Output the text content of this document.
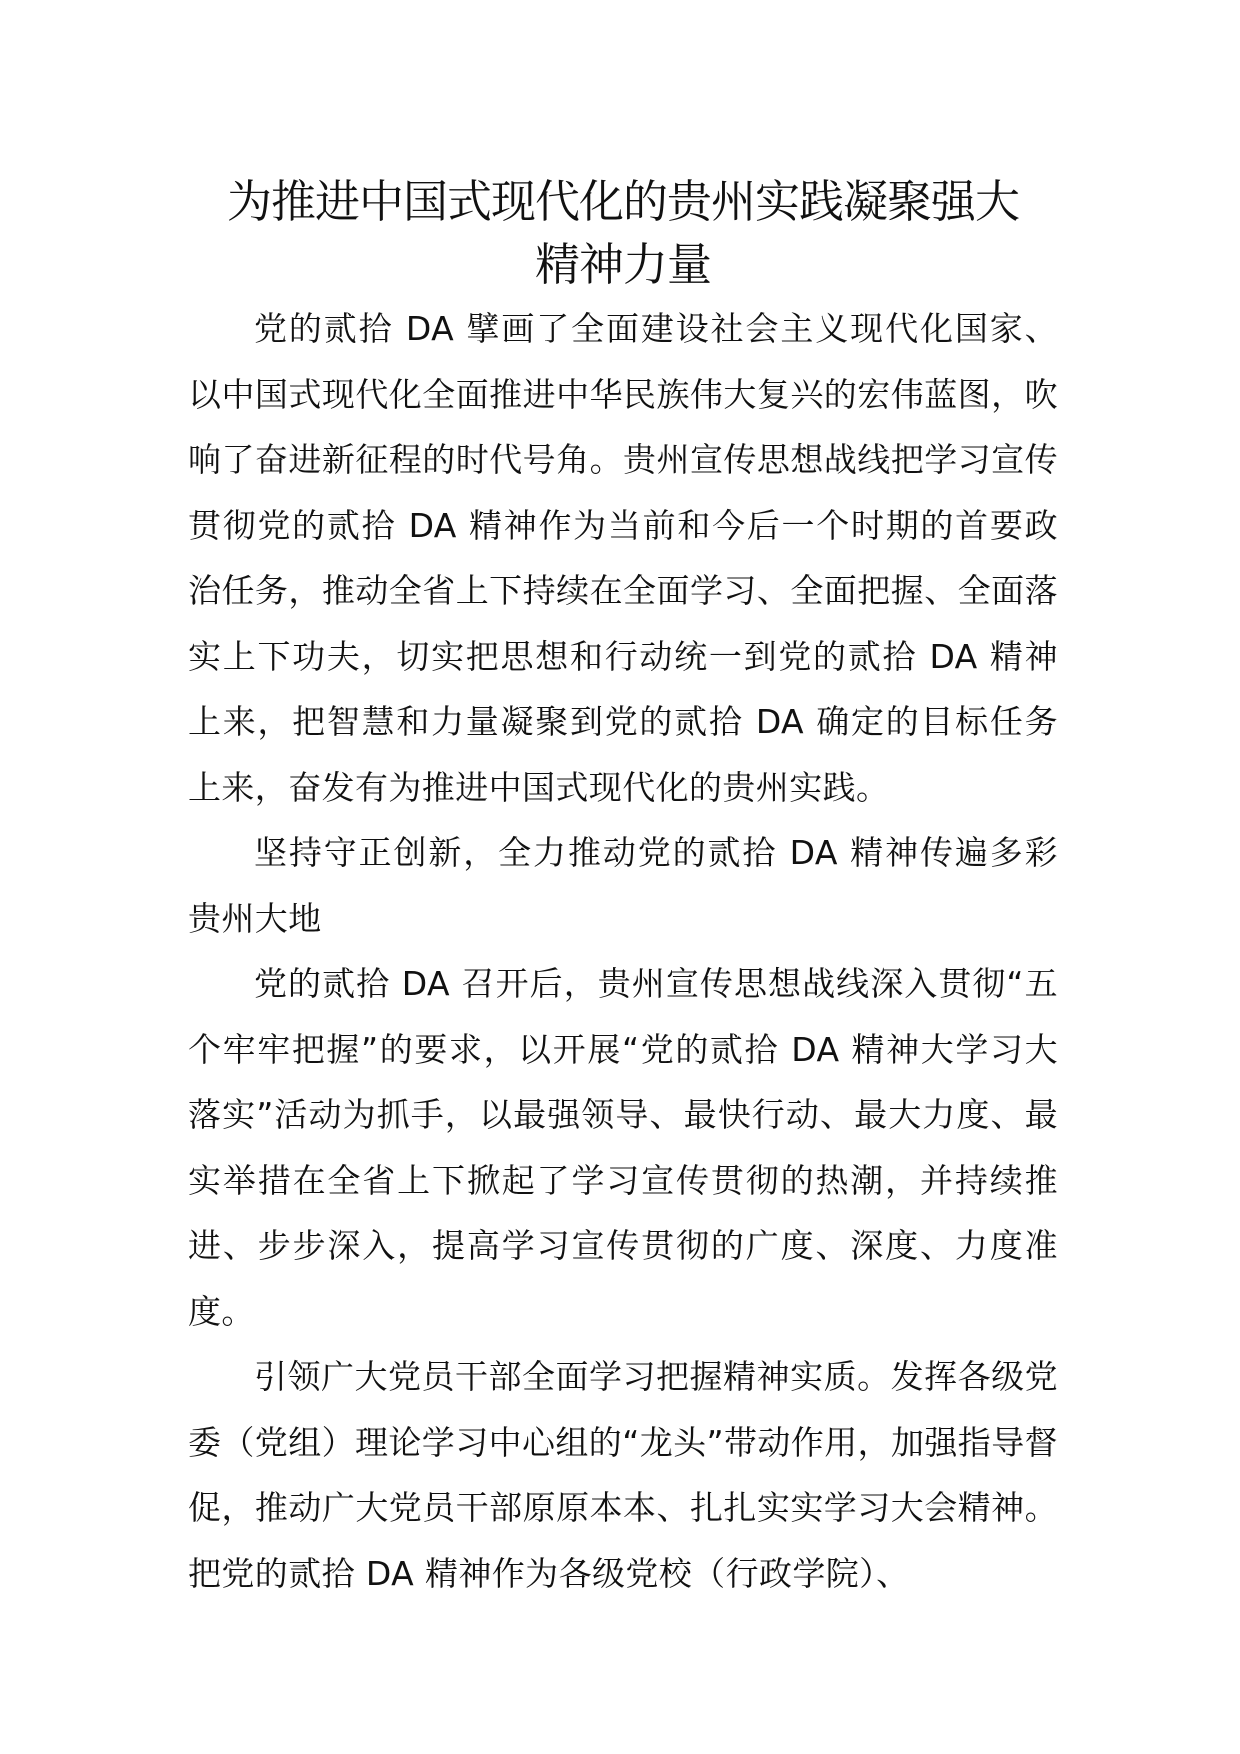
为推进中国式现代化的贵州实践凝聚强大
精神力量

党的贰拾 DA 擘画了全面建设社会主义现代化国家、以中国式现代化全面推进中华民族伟大复兴的宏伟蓝图，吹响了奋进新征程的时代号角。贵州宣传思想战线把学习宣传贯彻党的贰拾 DA 精神作为当前和今后一个时期的首要政治任务，推动全省上下持续在全面学习、全面把握、全面落实上下功夫，切实把思想和行动统一到党的贰拾 DA 精神上来，把智慧和力量凝聚到党的贰拾 DA 确定的目标任务上来，奋发有为推进中国式现代化的贵州实践。

坚持守正创新，全力推动党的贰拾 DA 精神传遍多彩贵州大地

党的贰拾 DA 召开后，贵州宣传思想战线深入贯彻“五个牢牢把握”的要求，以开展“党的贰拾 DA 精神大学习大落实”活动为抓手，以最强领导、最快行动、最大力度、最实举措在全省上下掀起了学习宣传贯彻的热潮，并持续推进、步步深入，提高学习宣传贯彻的广度、深度、力度准度。

引领广大党员干部全面学习把握精神实质。发挥各级党委（党组）理论学习中心组的“龙头”带动作用，加强指导督促，推动广大党员干部原原本本、扎扎实实学习大会精神。把党的贰拾 DA 精神作为各级党校（行政学院）、
